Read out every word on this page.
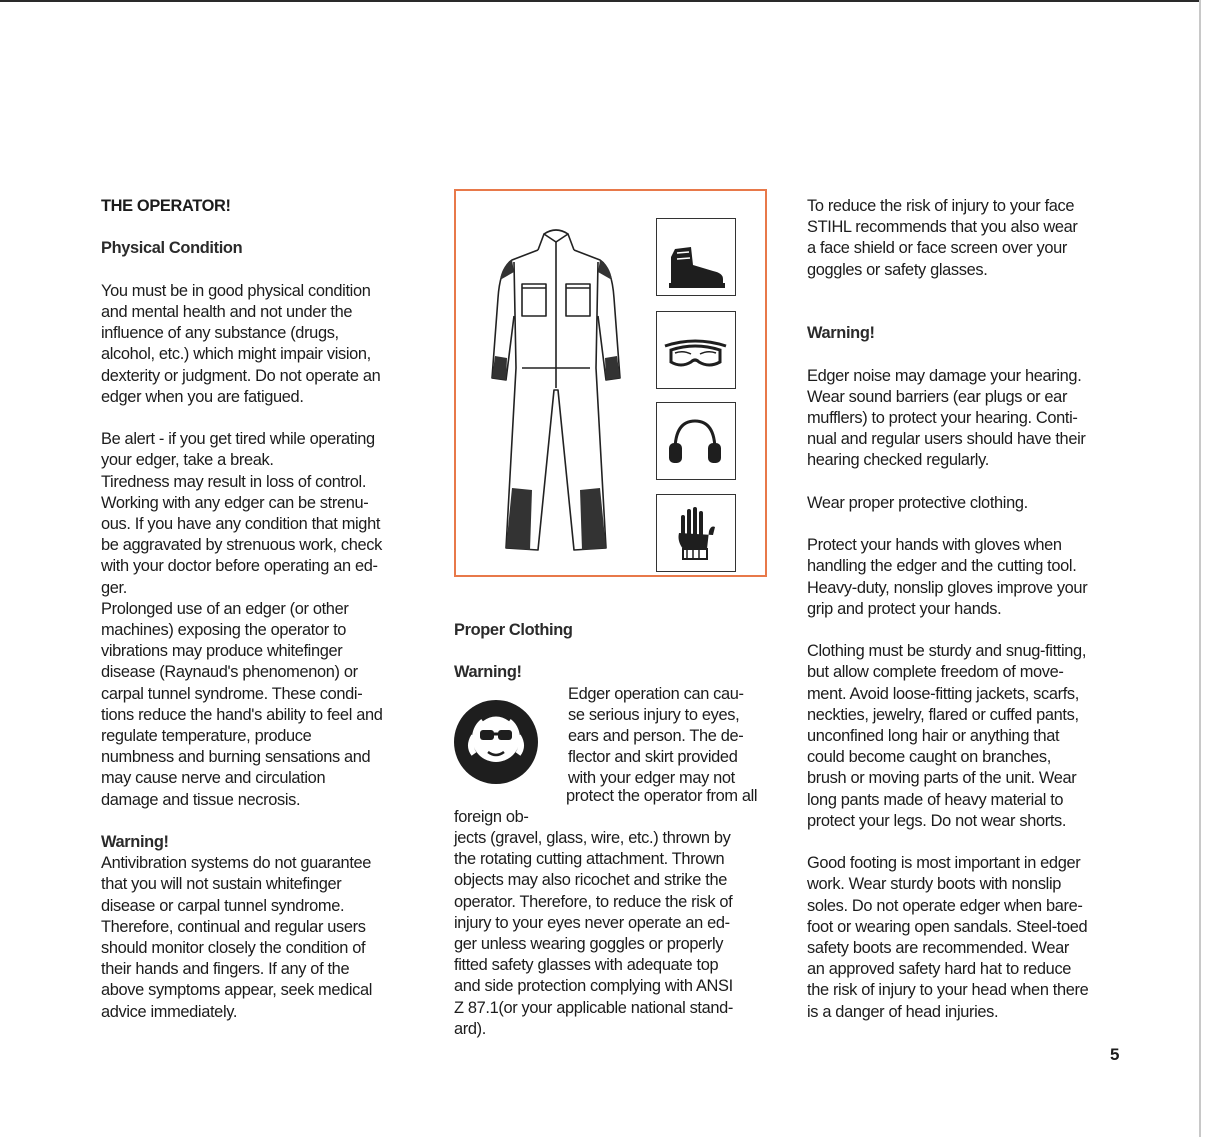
THE OPERATOR!

Physical Condition

You must be in good physical condition
and mental health and not under the
influence of any substance (drugs,
alcohol, etc.) which might impair vision,
dexterity or judgment. Do not operate an
edger when you are fatigued.
Be alert - if you get tired while operating
your edger, take a break.
Tiredness may result in loss of control.
Working with any edger can be strenu-
ous. If you have any condition that might
be aggravated by strenuous work, check
with your doctor before operating an ed-
ger.
Prolonged use of an edger (or other
machines) exposing the operator to
vibrations may produce whitefinger
disease (Raynaud's phenomenon) or
carpal tunnel syndrome. These condi-
tions reduce the hand's ability to feel and
regulate temperature, produce
numbness and burning sensations and
may cause nerve and circulation
damage and tissue necrosis.

Warning!

Antivibration systems do not guarantee
that you will not sustain whitefinger
disease or carpal tunnel syndrome.
Therefore, continual and regular users
should monitor closely the condition of
their hands and fingers. If any of the
above symptoms appear, seek medical
advice immediately.

Proper Clothing

Warning!

Edger operation can cau-
se serious injury to eyes,
ears and person. The de-
flector and skirt provided
with your edger may not
protect the operator from all foreign ob-
jects (gravel, glass, wire, etc.) thrown by
the rotating cutting attachment. Thrown
objects may also ricochet and strike the
operator. Therefore, to reduce the risk of
injury to your eyes never operate an ed-
ger unless wearing goggles or properly
fitted safety glasses with adequate top
and side protection complying with ANSI
Z 87.1(or your applicable national stand-
ard).
To reduce the risk of injury to your face
STIHL recommends that you also wear
a face shield or face screen over your
goggles or safety glasses.

Warning!

Edger noise may damage your hearing.
Wear sound barriers (ear plugs or ear
mufflers) to protect your hearing. Conti-
nual and regular users should have their
hearing checked regularly.
Wear proper protective clothing.
Protect your hands with gloves when
handling the edger and the cutting tool.
Heavy-duty, nonslip gloves improve your
grip and protect your hands.
Clothing must be sturdy and snug-fitting,
but allow complete freedom of move-
ment. Avoid loose-fitting jackets, scarfs,
neckties, jewelry, flared or cuffed pants,
unconfined long hair or anything that
could become caught on branches,
brush or moving parts of the unit. Wear
long pants made of heavy material to
protect your legs. Do not wear shorts.
Good footing is most important in edger
work. Wear sturdy boots with nonslip
soles. Do not operate edger when bare-
foot or wearing open sandals. Steel-toed
safety boots are recommended. Wear
an approved safety hard hat to reduce
the risk of injury to your head when there
is a danger of head injuries.
5
